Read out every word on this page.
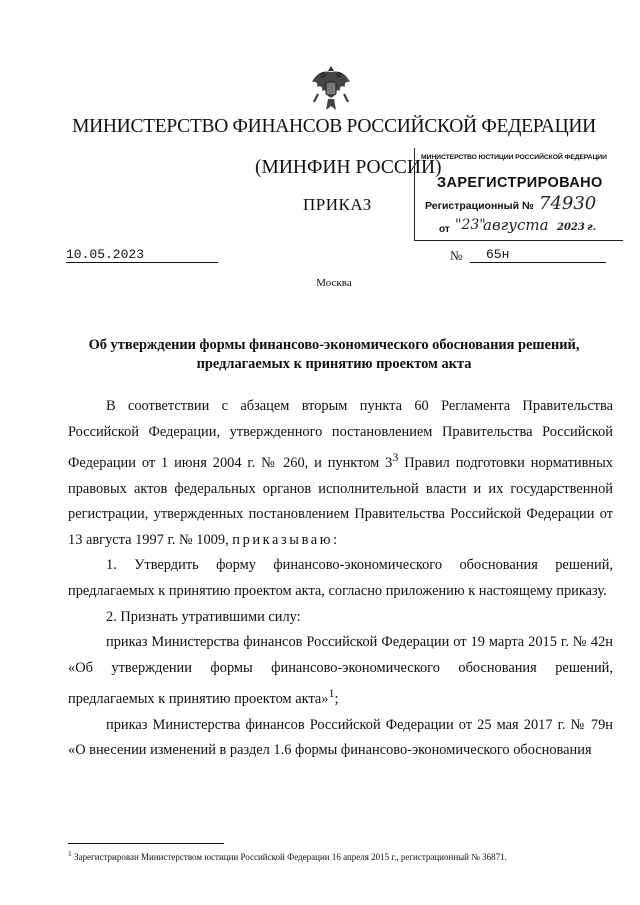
МИНИСТЕРСТВО ФИНАНСОВ РОССИЙСКОЙ ФЕДЕРАЦИИ
(МИНФИН РОССИИ)
ПРИКАЗ
МИНИСТЕРСТВО ЮСТИЦИИ РОССИЙСКОЙ ФЕДЕРАЦИИ
ЗАРЕГИСТРИРОВАНО
Регистрационный № 74930
от "23"
августа 2023 г.
10.05.2023	№	65н
Москва
Об утверждении формы финансово-экономического обоснования решений, предлагаемых к принятию проектом акта

В соответствии с абзацем вторым пункта 60 Регламента Правительства Российской Федерации, утвержденного постановлением Правительства Российской Федерации от 1 июня 2004 г. № 260, и пунктом $3^3$ Правил подготовки нормативных правовых актов федеральных органов исполнительной власти и их государственной регистрации, утвержденных постановлением Правительства Российской Федерации от 13 августа 1997 г. № 1009, приказываю:

1. Утвердить форму финансово-экономического обоснования решений, предлагаемых к принятию проектом акта, согласно приложению к настоящему приказу.

2. Признать утратившими силу:

приказ Министерства финансов Российской Федерации от 19 марта 2015 г. № 42н «Об утверждении формы финансово-экономического обоснования решений, предлагаемых к принятию проектом акта»$^1$;

приказ Министерства финансов Российской Федерации от 25 мая 2017 г. № 79н «О внесении изменений в раздел 1.6 формы финансово-экономического обоснования

$^1$ Зарегистрирован Министерством юстиции Российской Федерации 16 апреля 2015 г., регистрационный № 36871.
